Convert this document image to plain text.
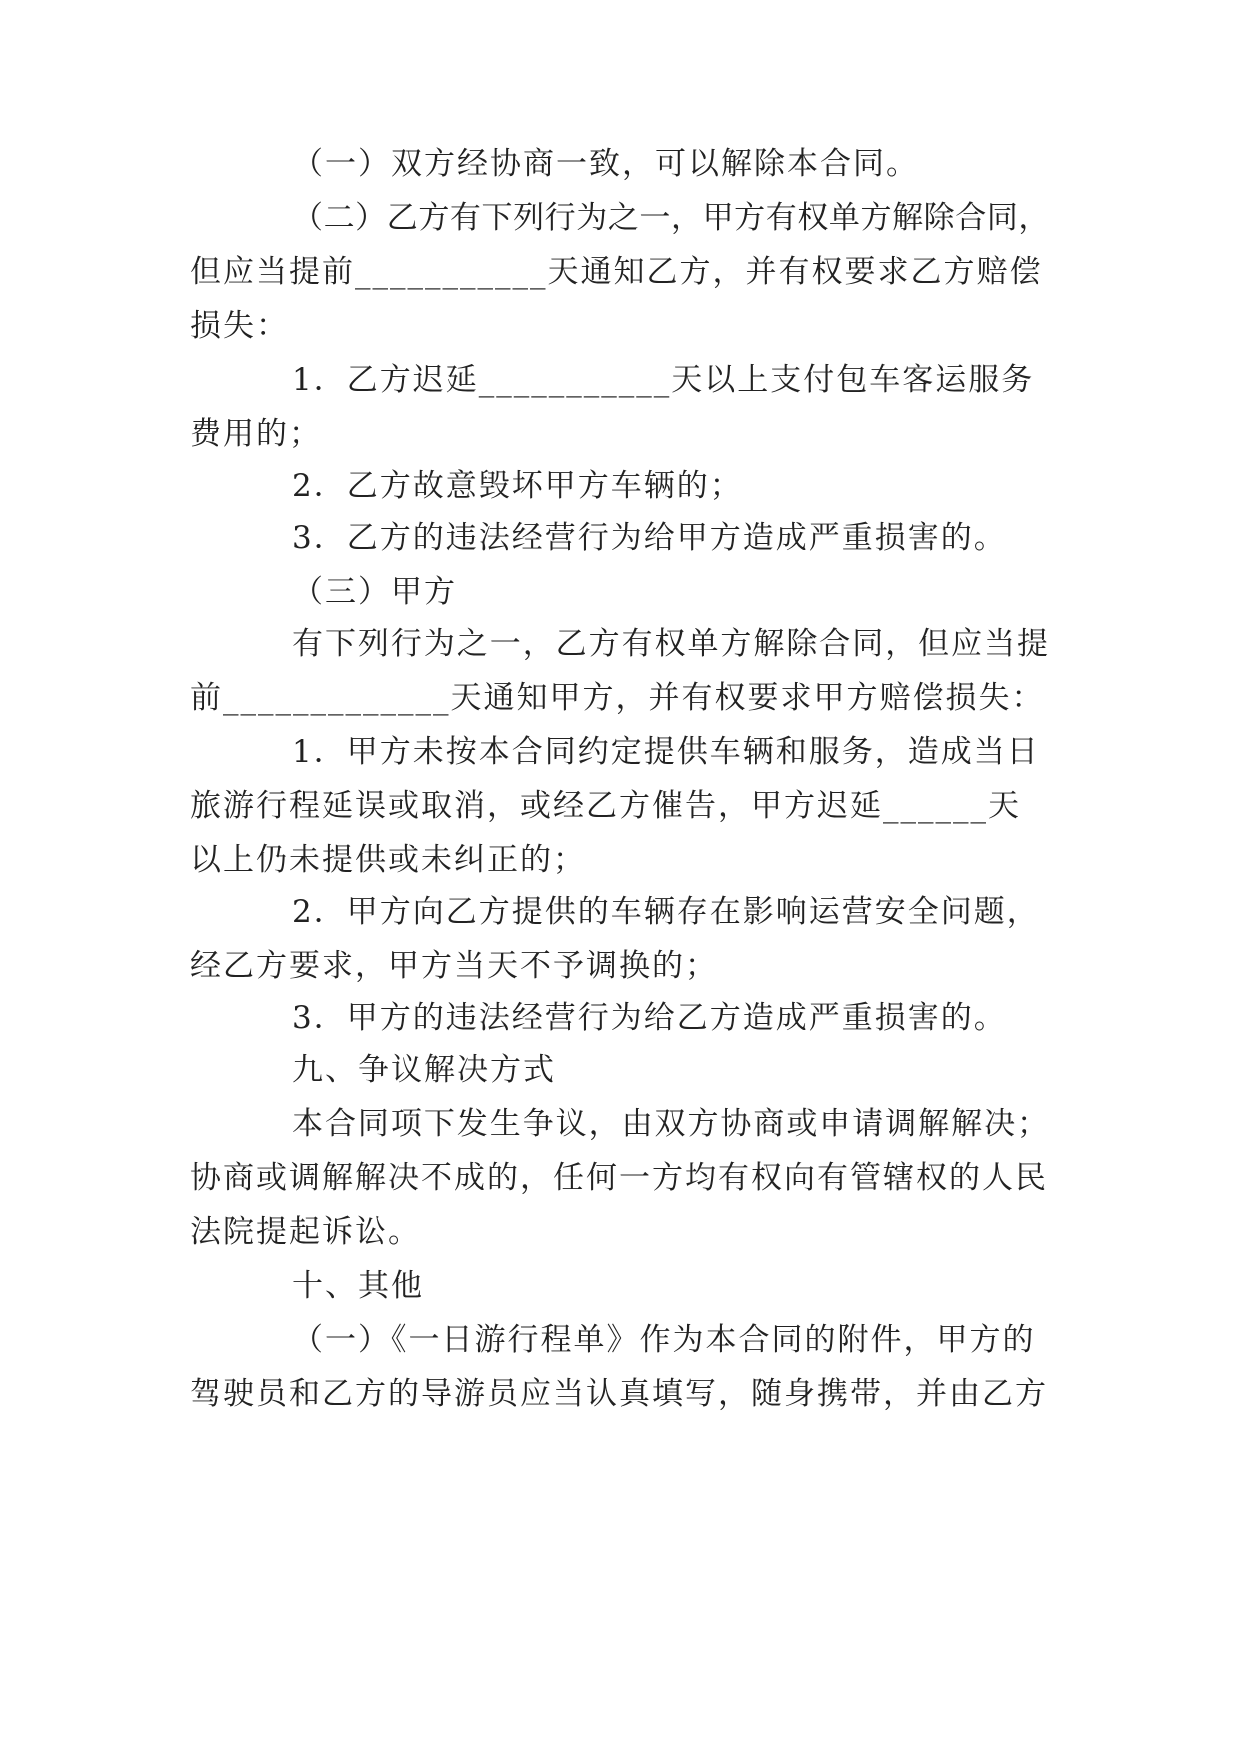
（一）双方经协商一致，可以解除本合同。
（二）乙方有下列行为之一，甲方有权单方解除合同，
但应当提前___________天通知乙方，并有权要求乙方赔偿
损失：
1．乙方迟延___________天以上支付包车客运服务
费用的；
2．乙方故意毁坏甲方车辆的；
3．乙方的违法经营行为给甲方造成严重损害的。
（三）甲方
有下列行为之一，乙方有权单方解除合同，但应当提
前_____________天通知甲方，并有权要求甲方赔偿损失：
1．甲方未按本合同约定提供车辆和服务，造成当日
旅游行程延误或取消，或经乙方催告，甲方迟延______天
以上仍未提供或未纠正的；
2．甲方向乙方提供的车辆存在影响运营安全问题，
经乙方要求，甲方当天不予调换的；
3．甲方的违法经营行为给乙方造成严重损害的。
九、争议解决方式
本合同项下发生争议，由双方协商或申请调解解决；
协商或调解解决不成的，任何一方均有权向有管辖权的人民
法院提起诉讼。
十、其他
（一）《一日游行程单》作为本合同的附件，甲方的
驾驶员和乙方的导游员应当认真填写，随身携带，并由乙方
